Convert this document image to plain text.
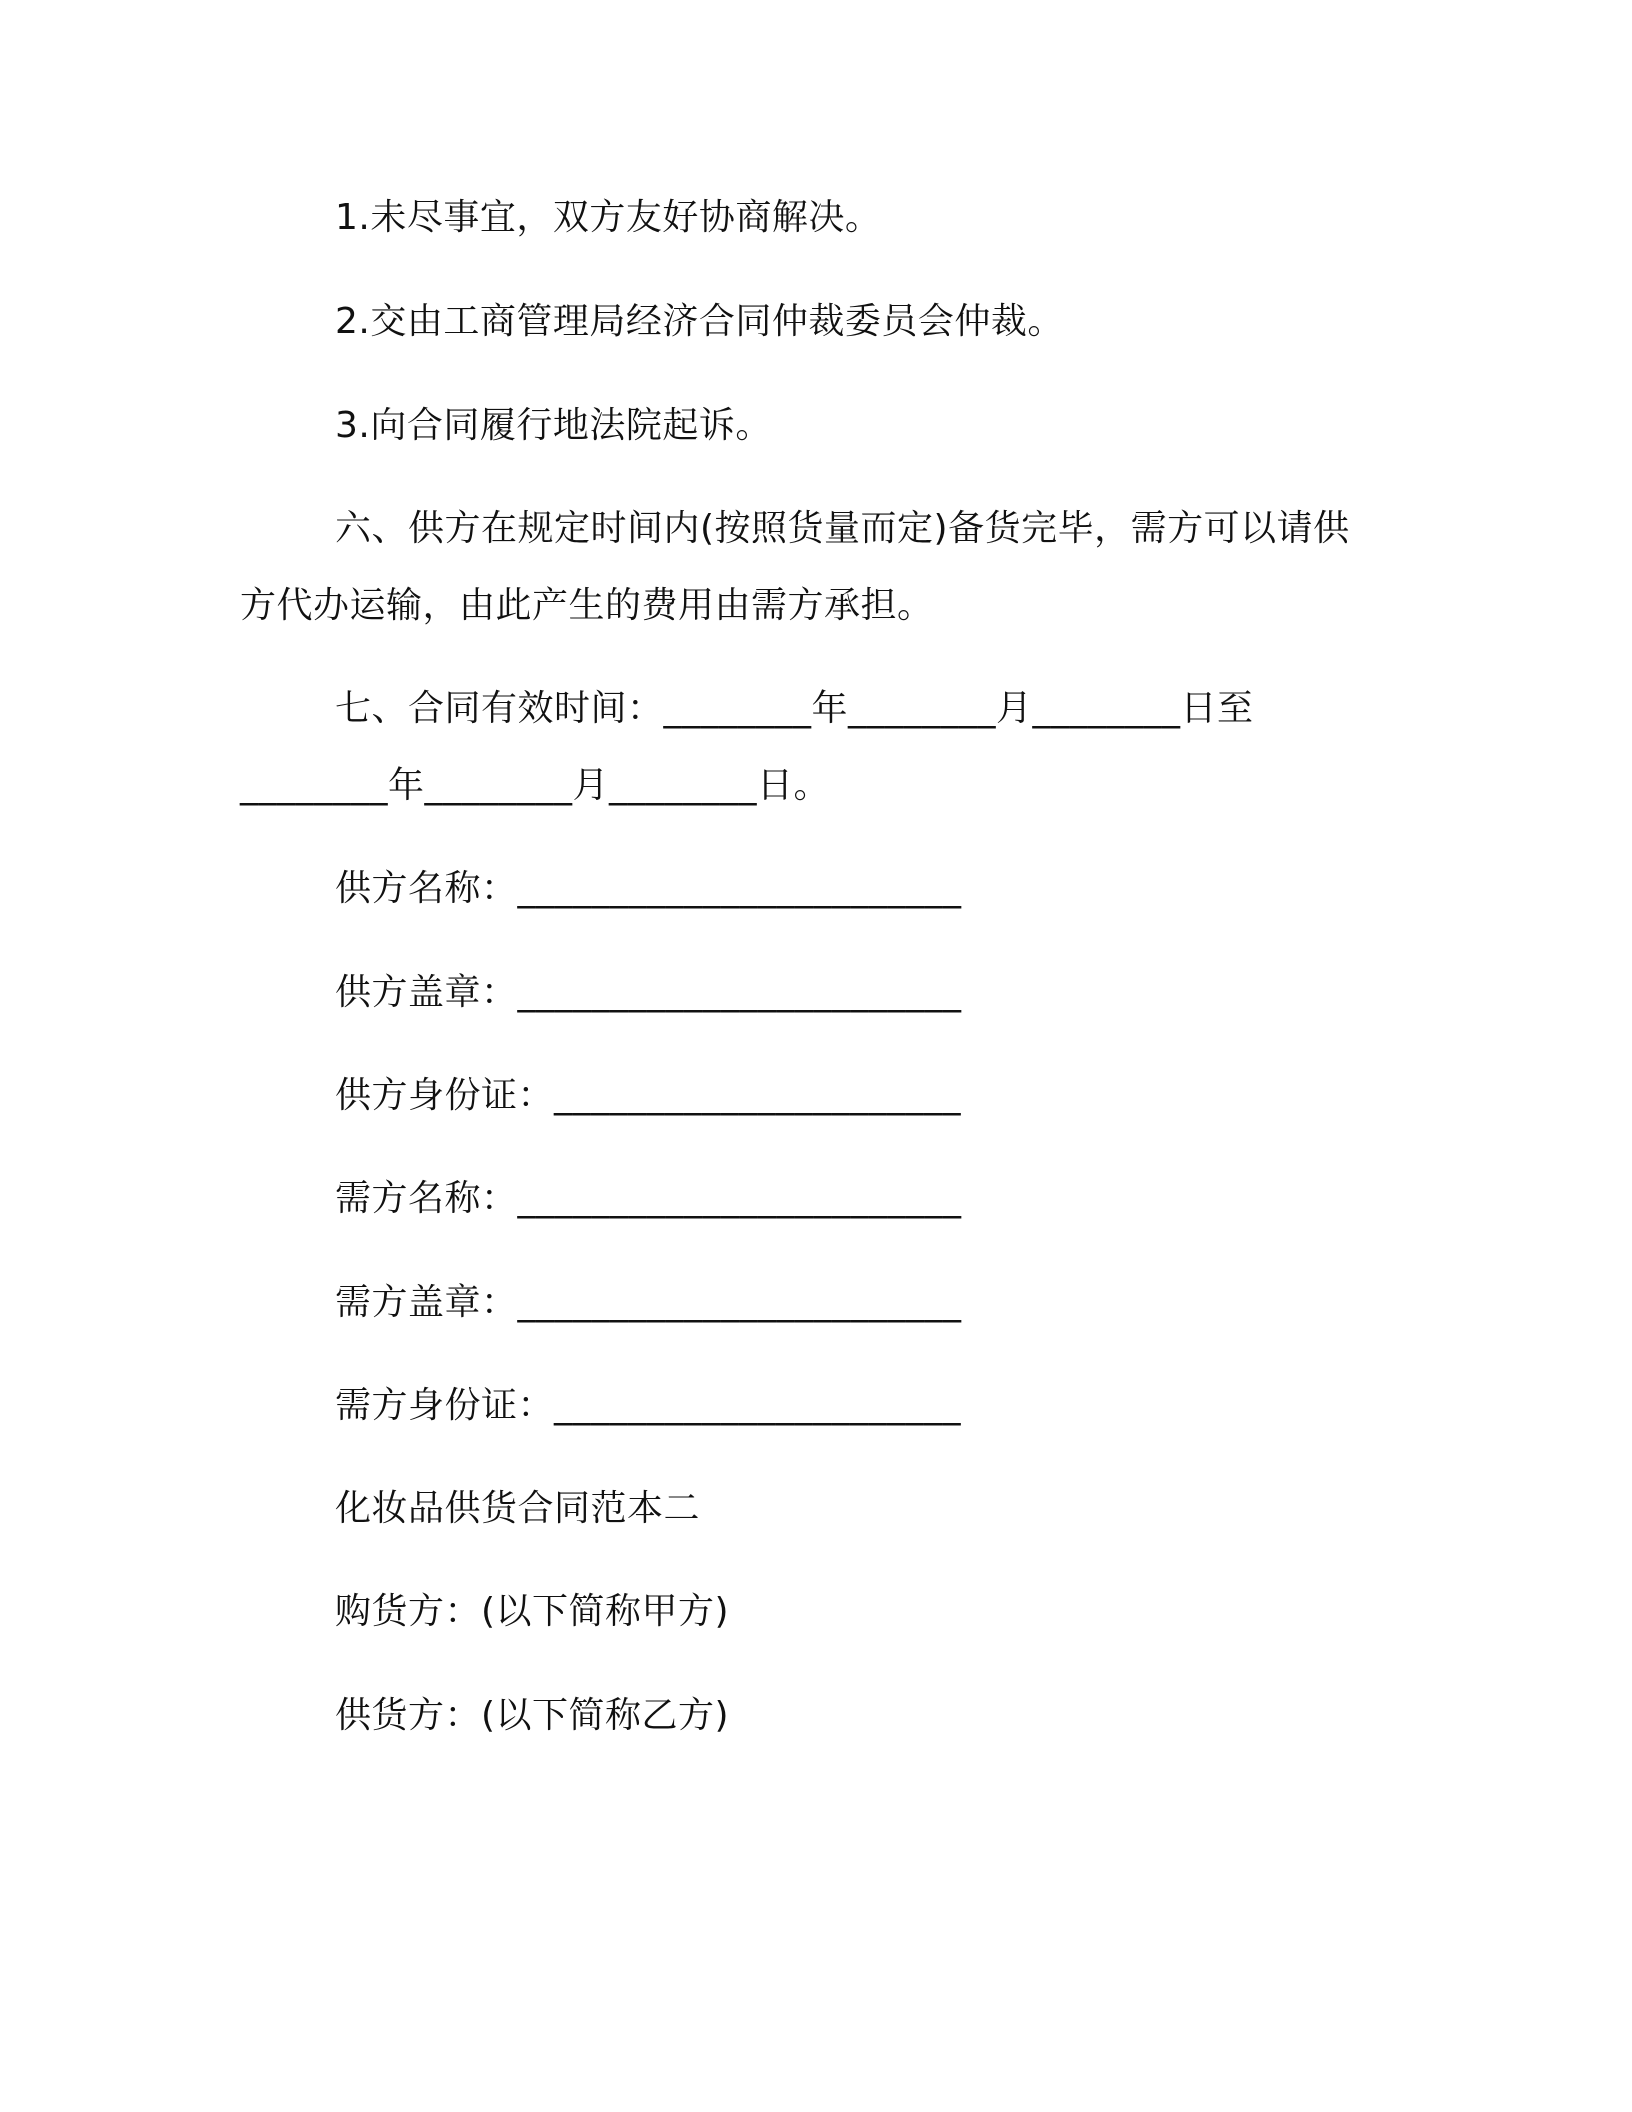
1.未尽事宜，双方友好协商解决。
2.交由工商管理局经济合同仲裁委员会仲裁。
3.向合同履行地法院起诉。
六、供方在规定时间内(按照货量而定)备货完毕，需方可以请供
方代办运输，由此产生的费用由需方承担。
七、合同有效时间：________年________月________日至
________年________月________日。
供方名称：________________________
供方盖章：________________________
供方身份证：______________________
需方名称：________________________
需方盖章：________________________
需方身份证：______________________
化妆品供货合同范本二
购货方：(以下简称甲方)
供货方：(以下简称乙方)
